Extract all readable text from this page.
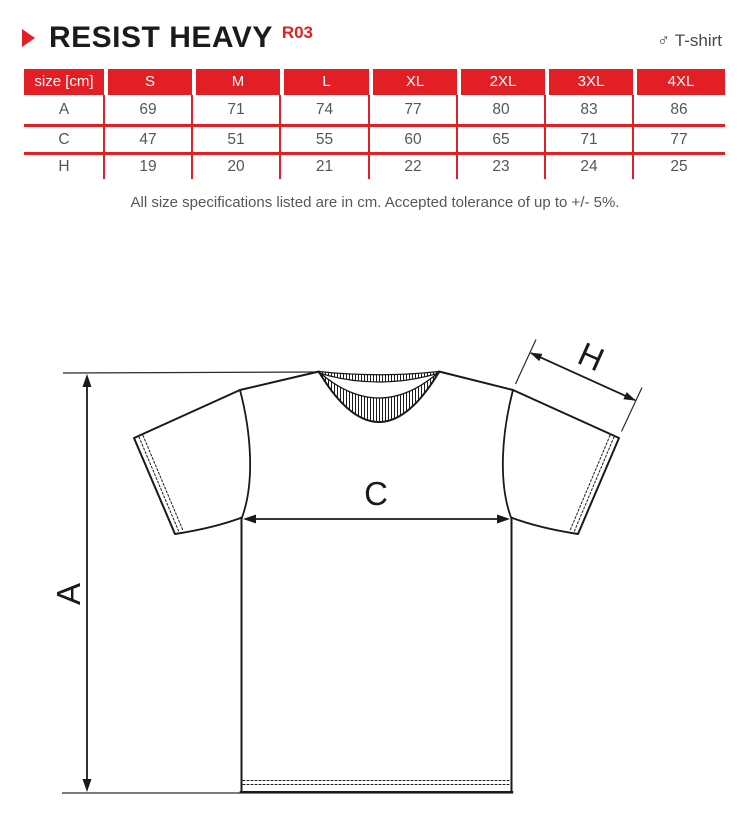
RESIST HEAVY $^{R03}$	♂ T-shirt
size [cm]	S	M	L	XL	2XL	3XL	4XL
A	69	71	74	77	80	83	86
C	47	51	55	60	65	71	77
H	19	20	21	22	23	24	25
All size specifications listed are in cm. Accepted tolerance of up to +/- 5%.
A
C
H
